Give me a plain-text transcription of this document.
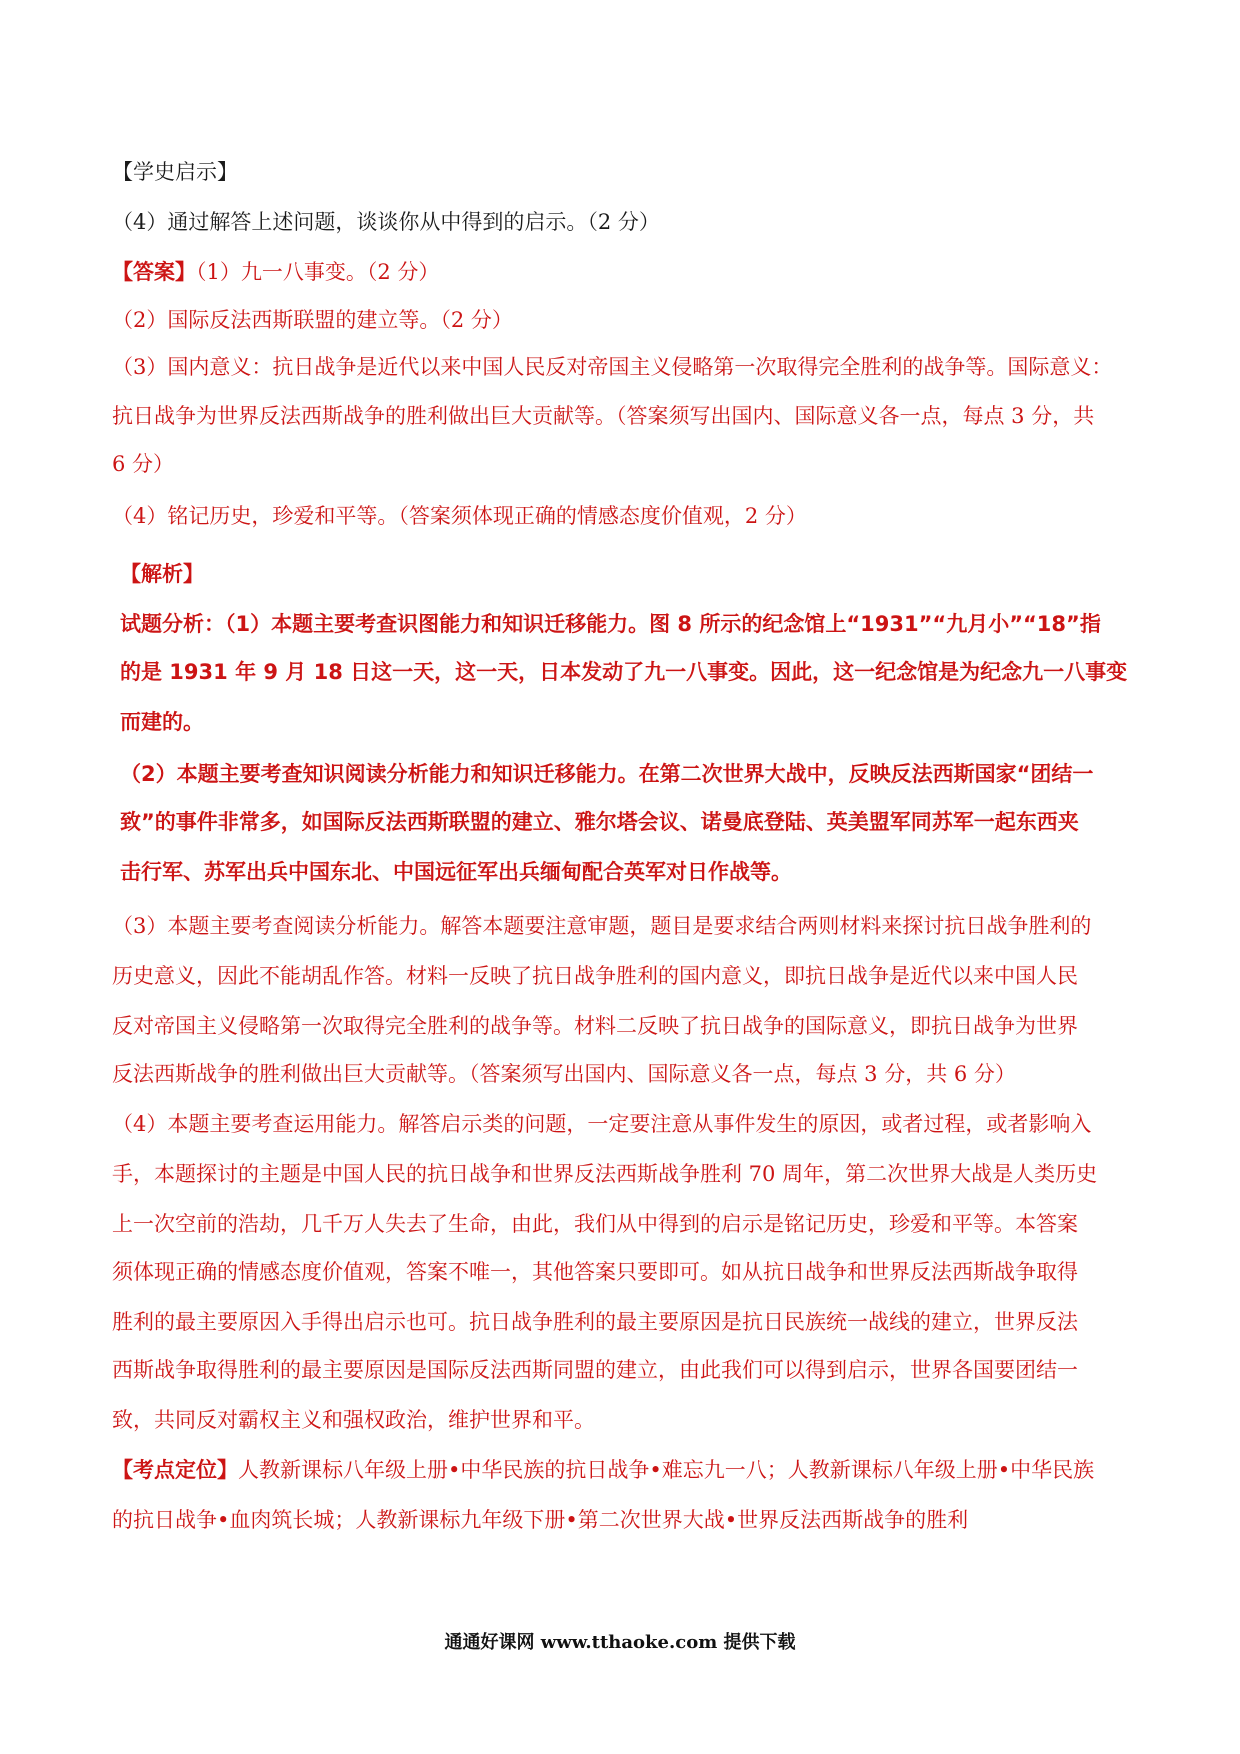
【学史启示】
（4）通过解答上述问题，谈谈你从中得到的启示。（2 分）
【答案】（1）九一八事变。（2 分）
（2）国际反法西斯联盟的建立等。（2 分）
（3）国内意义：抗日战争是近代以来中国人民反对帝国主义侵略第一次取得完全胜利的战争等。国际意义：
抗日战争为世界反法西斯战争的胜利做出巨大贡献等。（答案须写出国内、国际意义各一点，每点 3 分，共
6 分）
（4）铭记历史，珍爱和平等。（答案须体现正确的情感态度价值观，2 分）
【解析】
试题分析：（1）本题主要考查识图能力和知识迁移能力。图 8 所示的纪念馆上“1931”“九月小”“18”指
的是 1931 年 9 月 18 日这一天，这一天，日本发动了九一八事变。因此，这一纪念馆是为纪念九一八事变
而建的。
（2）本题主要考查知识阅读分析能力和知识迁移能力。在第二次世界大战中，反映反法西斯国家“团结一
致”的事件非常多，如国际反法西斯联盟的建立、雅尔塔会议、诺曼底登陆、英美盟军同苏军一起东西夹
击行军、苏军出兵中国东北、中国远征军出兵缅甸配合英军对日作战等。
（3）本题主要考查阅读分析能力。解答本题要注意审题，题目是要求结合两则材料来探讨抗日战争胜利的
历史意义，因此不能胡乱作答。材料一反映了抗日战争胜利的国内意义，即抗日战争是近代以来中国人民
反对帝国主义侵略第一次取得完全胜利的战争等。材料二反映了抗日战争的国际意义，即抗日战争为世界
反法西斯战争的胜利做出巨大贡献等。（答案须写出国内、国际意义各一点，每点 3 分，共 6 分）
（4）本题主要考查运用能力。解答启示类的问题，一定要注意从事件发生的原因，或者过程，或者影响入
手，本题探讨的主题是中国人民的抗日战争和世界反法西斯战争胜利 70 周年，第二次世界大战是人类历史
上一次空前的浩劫，几千万人失去了生命，由此，我们从中得到的启示是铭记历史，珍爱和平等。本答案
须体现正确的情感态度价值观，答案不唯一，其他答案只要即可。如从抗日战争和世界反法西斯战争取得
胜利的最主要原因入手得出启示也可。抗日战争胜利的最主要原因是抗日民族统一战线的建立，世界反法
西斯战争取得胜利的最主要原因是国际反法西斯同盟的建立，由此我们可以得到启示，世界各国要团结一
致，共同反对霸权主义和强权政治，维护世界和平。
【考点定位】人教新课标八年级上册•中华民族的抗日战争•难忘九一八；人教新课标八年级上册•中华民族
的抗日战争•血肉筑长城；人教新课标九年级下册•第二次世界大战•世界反法西斯战争的胜利
通通好课网 www.tthaoke.com 提供下载
